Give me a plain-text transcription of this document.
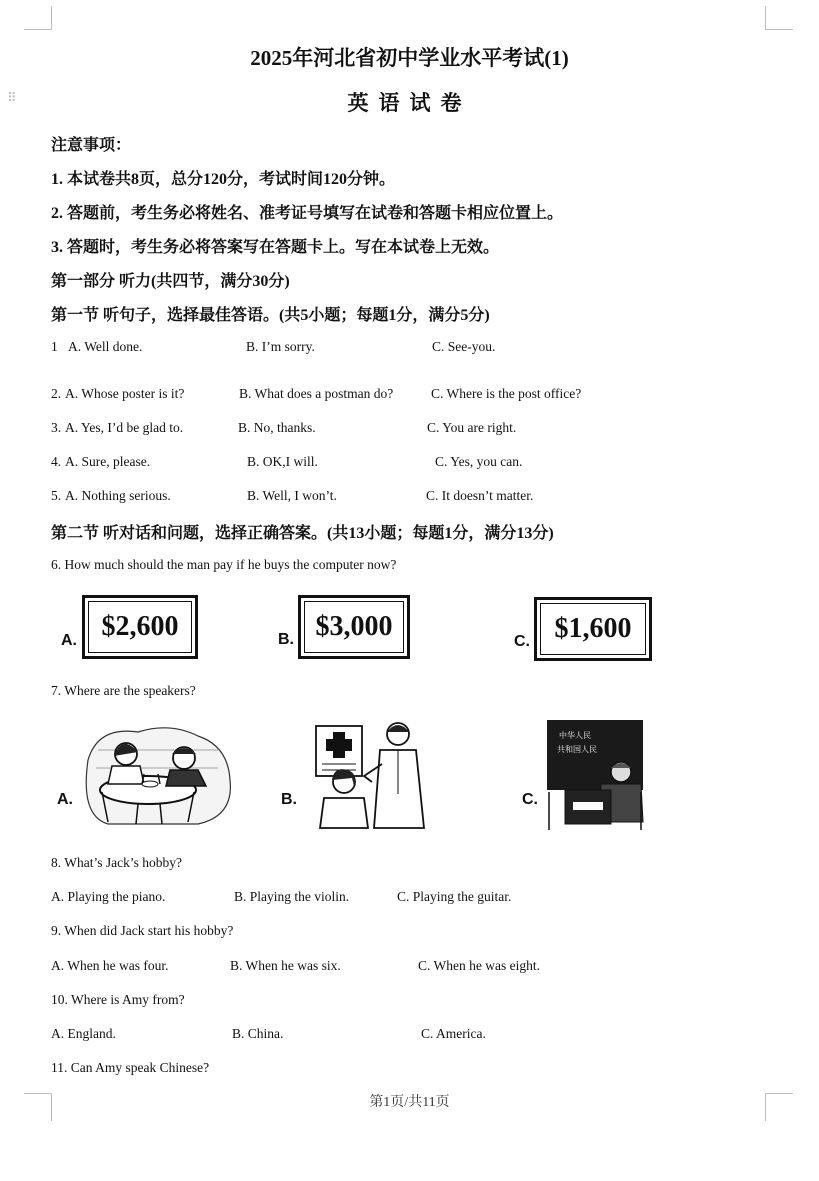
⠿
2025年河北省初中学业水平考试(1)
英语试卷
注意事项：
1. 本试卷共8页，总分120分，考试时间120分钟。
2. 答题前，考生务必将姓名、准考证号填写在试卷和答题卡相应位置上。
3. 答题时，考生务必将答案写在答题卡上。写在本试卷上无效。
第一部分 听力(共四节，满分30分)
第一节 听句子，选择最佳答语。(共5小题；每题1分，满分5分)
1 A. Well done.	B. I’m sorry.	C. See-you.
2. A. Whose poster is it?	B. What does a postman do?	C. Where is the post office?
3. A. Yes, I’d be glad to.	B. No, thanks.	C. You are right.
4. A. Sure, please.	B. OK,I will.	C. Yes, you can.
5. A. Nothing serious.	B. Well, I won’t.	C. It doesn’t matter.
第二节 听对话和问题，选择正确答案。(共13小题；每题1分，满分13分)
6. How much should the man pay if he buys the computer now?
A. $2,600	B. $3,000	C. $1,600
7. Where are the speakers?
A.	B.	C.
中华人民
共和国人民
8. What’s Jack’s hobby?
A. Playing the piano.	B. Playing the violin.	C. Playing the guitar.
9. When did Jack start his hobby?
A. When he was four.	B. When he was six.	C. When he was eight.
10. Where is Amy from?
A. England.	B. China.	C. America.
11. Can Amy speak Chinese?
第1页/共11页
